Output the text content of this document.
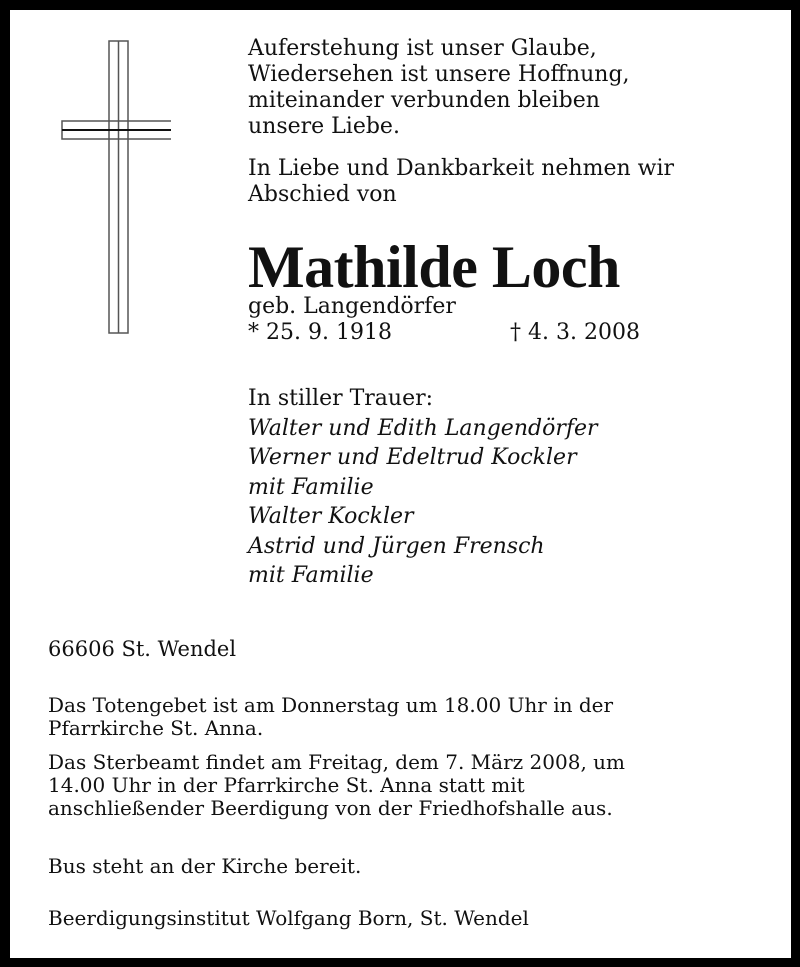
Auferstehung ist unser Glaube,
Wiedersehen ist unsere Hoffnung,
miteinander verbunden bleiben
unsere Liebe.
In Liebe und Dankbarkeit nehmen wir
Abschied von
Mathilde Loch
geb. Langendörfer
* 25. 9. 1918	† 4. 3. 2008
In stiller Trauer:
Walter und Edith Langendörfer
Werner und Edeltrud Kockler
mit Familie
Walter Kockler
Astrid und Jürgen Frensch
mit Familie
66606 St. Wendel
Das Totengebet ist am Donnerstag um 18.00 Uhr in der
Pfarrkirche St. Anna.
Das Sterbeamt findet am Freitag, dem 7. März 2008, um
14.00 Uhr in der Pfarrkirche St. Anna statt mit
anschließender Beerdigung von der Friedhofshalle aus.
Bus steht an der Kirche bereit.
Beerdigungsinstitut Wolfgang Born, St. Wendel
